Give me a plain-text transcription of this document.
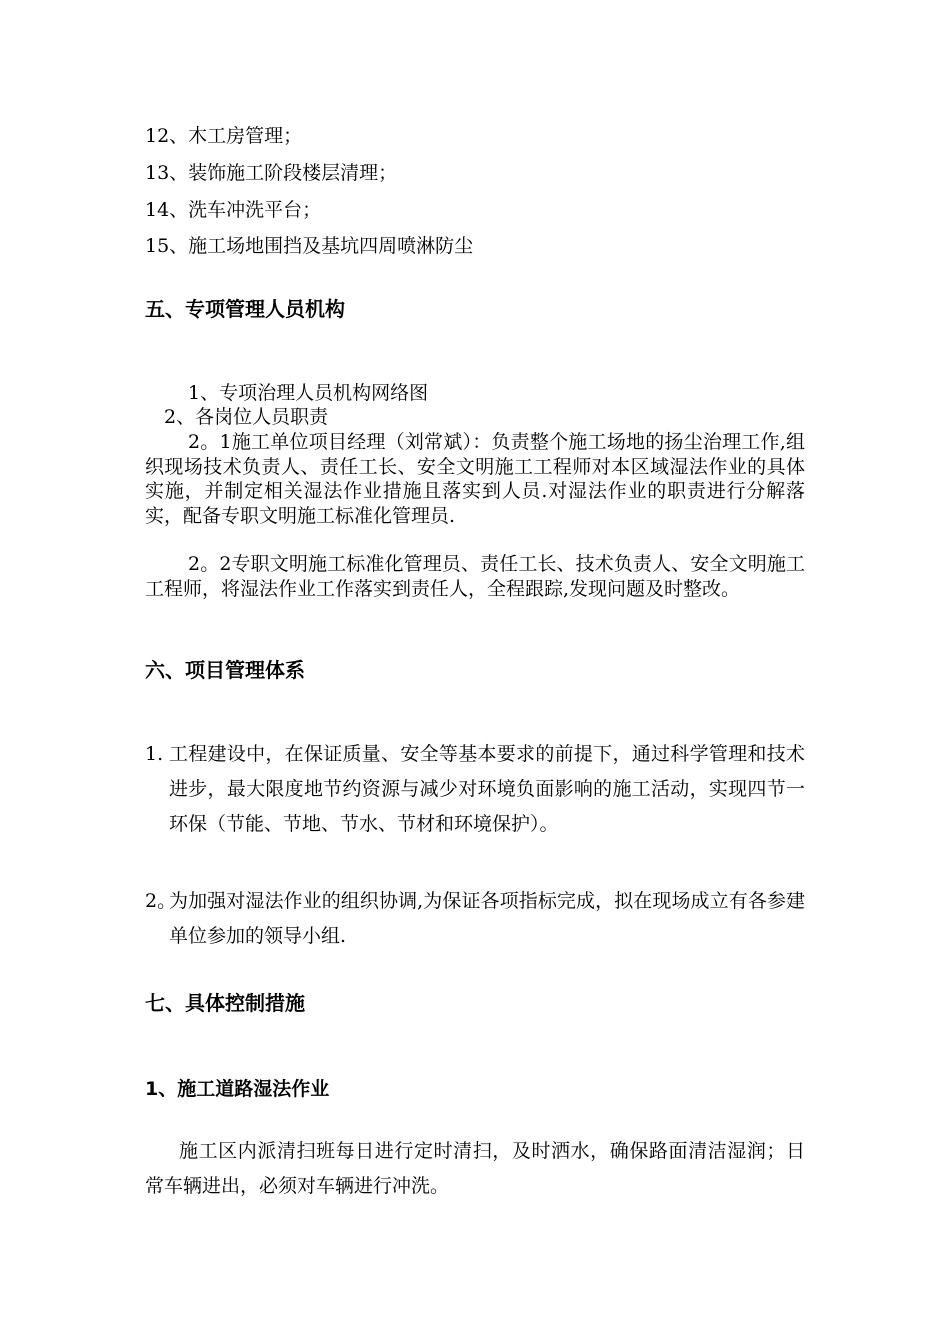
12、木工房管理；
13、装饰施工阶段楼层清理；
14、洗车冲洗平台；
15、施工场地围挡及基坑四周喷淋防尘
五、专项管理人员机构
1、专项治理人员机构网络图
2、各岗位人员职责
2。1施工单位项目经理（刘常斌）：负责整个施工场地的扬尘治理工作,组织现场技术负责人、责任工长、安全文明施工工程师对本区域湿法作业的具体实施，并制定相关湿法作业措施且落实到人员.对湿法作业的职责进行分解落实，配备专职文明施工标准化管理员.
2。2专职文明施工标准化管理员、责任工长、技术负责人、安全文明施工工程师，将湿法作业工作落实到责任人，全程跟踪,发现问题及时整改。
六、项目管理体系
1. 工程建设中，在保证质量、安全等基本要求的前提下，通过科学管理和技术进步，最大限度地节约资源与减少对环境负面影响的施工活动，实现四节一环保（节能、节地、节水、节材和环境保护）。
2。
为加强对湿法作业的组织协调,为保证各项指标完成，拟在现场成立有各参建单位参加的领导小组.
七、具体控制措施
1、施工道路湿法作业
施工区内派清扫班每日进行定时清扫，及时洒水，确保路面清洁湿润；日常车辆进出，必须对车辆进行冲洗。
